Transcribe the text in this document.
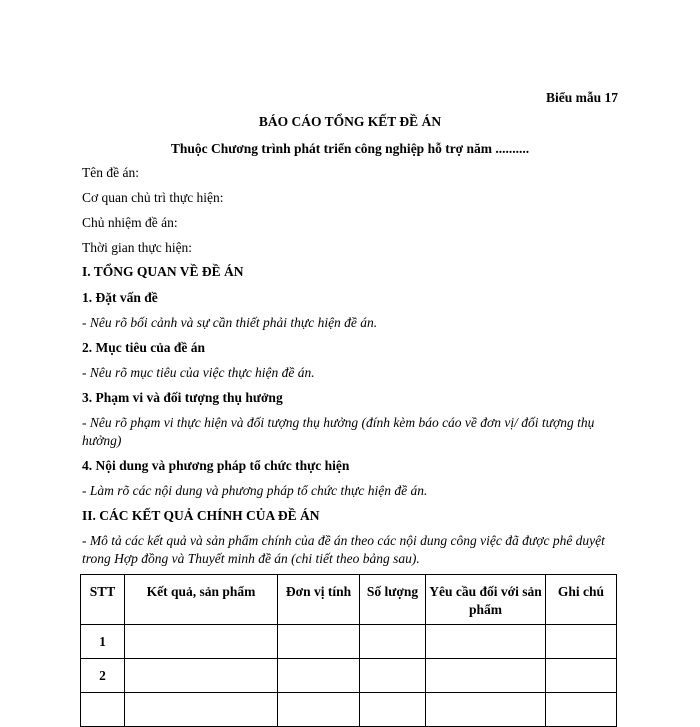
Biểu mẫu 17
BÁO CÁO TỔNG KẾT ĐỀ ÁN
Thuộc Chương trình phát triển công nghiệp hỗ trợ năm ..........
Tên đề án:
Cơ quan chủ trì thực hiện:
Chủ nhiệm đề án:
Thời gian thực hiện:
I. TỔNG QUAN VỀ ĐỀ ÁN
1. Đặt vấn đề
- Nêu rõ bối cảnh và sự cần thiết phải thực hiện đề án.
2. Mục tiêu của đề án
- Nêu rõ mục tiêu của việc thực hiện đề án.
3. Phạm vi và đối tượng thụ hưởng
- Nêu rõ phạm vi thực hiện và đối tượng thụ hưởng (đính kèm báo cáo về đơn vị/ đối tượng thụ hưởng)
4. Nội dung và phương pháp tổ chức thực hiện
- Làm rõ các nội dung và phương pháp tổ chức thực hiện đề án.
II. CÁC KẾT QUẢ CHÍNH CỦA ĐỀ ÁN
- Mô tả các kết quả và sản phẩm chính của đề án theo các nội dung công việc đã được phê duyệt trong Hợp đồng và Thuyết minh đề án (chi tiết theo bảng sau).
STT	Kết quả, sản phẩm	Đơn vị tính	Số lượng	Yêu cầu đối với sản phẩm	Ghi chú
1					
2					
